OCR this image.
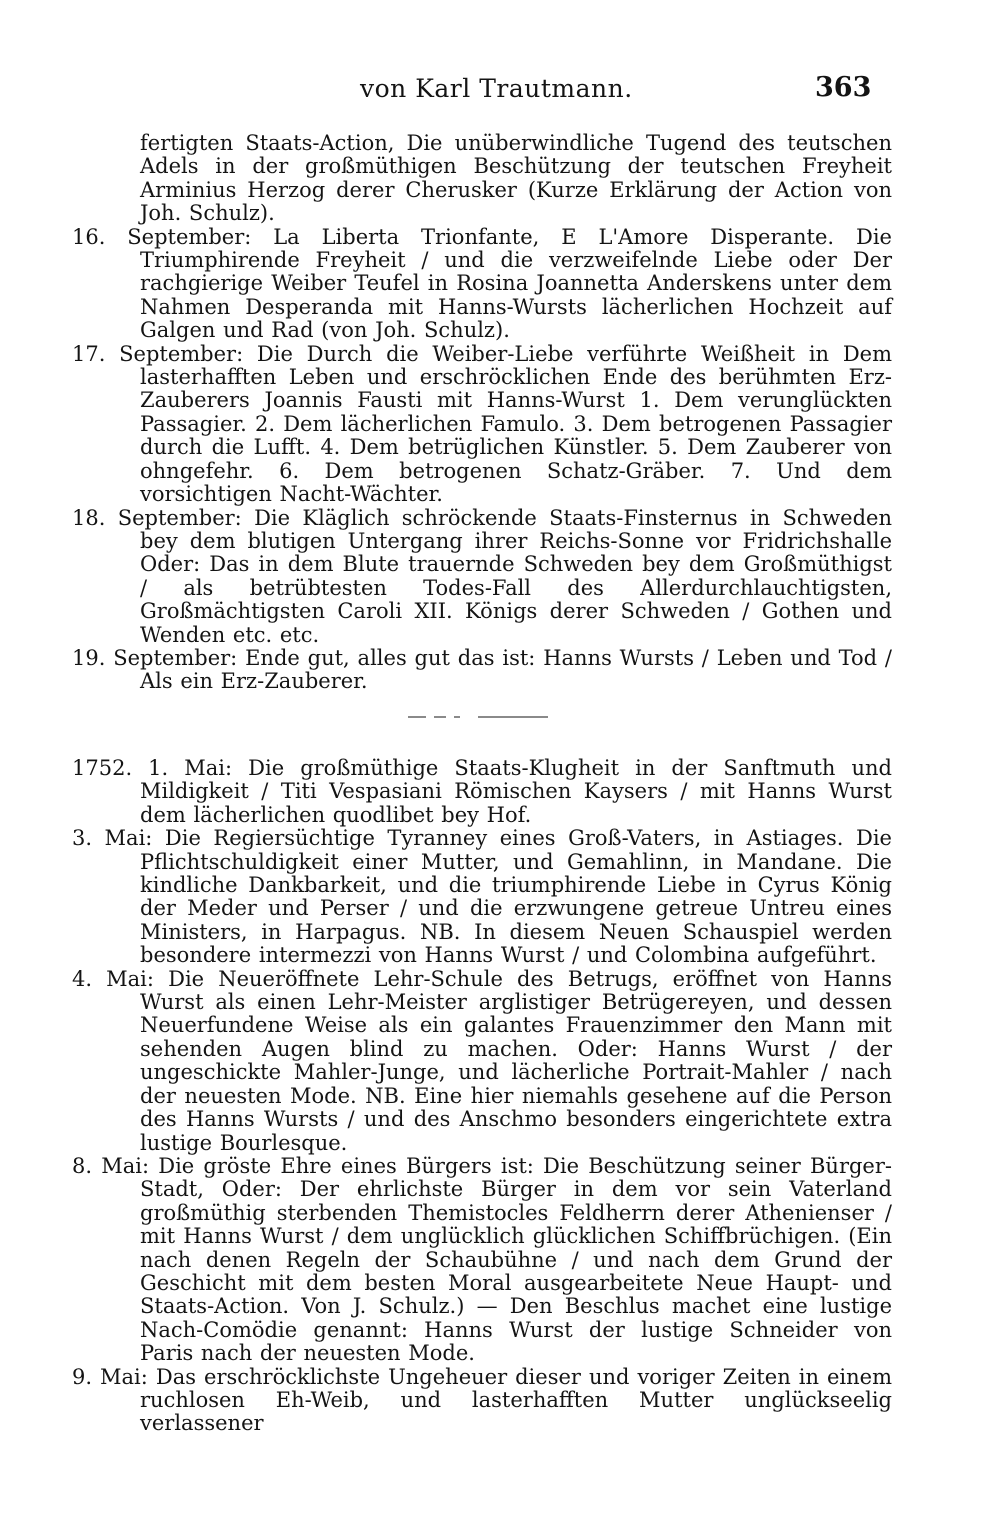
von Karl Trautmann.	363
fertigten Staats-Action, Die unüberwindliche Tugend des teutschen Adels in der großmüthigen Beschützung der teutschen Freyheit Arminius Herzog derer Cherusker (Kurze Erklärung der Action von Joh. Schulz).
16. September: La Liberta Trionfante, E L'Amore Disperante. Die Triumphirende Freyheit / und die verzweifelnde Liebe oder Der rachgierige Weiber Teufel in Rosina Joannetta Anderskens unter dem Nahmen Desperanda mit Hanns-Wursts lächerlichen Hochzeit auf Galgen und Rad (von Joh. Schulz).
17. September: Die Durch die Weiber-Liebe verführte Weißheit in Dem lasterhafften Leben und erschröcklichen Ende des berühmten Erz-Zauberers Joannis Fausti mit Hanns-Wurst 1. Dem verunglückten Passagier. 2. Dem lächerlichen Famulo. 3. Dem betrogenen Passagier durch die Lufft. 4. Dem betrüglichen Künstler. 5. Dem Zauberer von ohngefehr. 6. Dem betrogenen Schatz-Gräber. 7. Und dem vorsichtigen Nacht-Wächter.
18. September: Die Kläglich schröckende Staats-Finsternus in Schweden bey dem blutigen Untergang ihrer Reichs-Sonne vor Fridrichshalle Oder: Das in dem Blute trauernde Schweden bey dem Großmüthigst / als betrübtesten Todes-Fall des Allerdurchlauchtigsten, Großmächtigsten Caroli XII. Königs derer Schweden / Gothen und Wenden etc. etc.
19. September: Ende gut, alles gut das ist: Hanns Wursts / Leben und Tod / Als ein Erz-Zauberer.
1752. 1. Mai: Die großmüthige Staats-Klugheit in der Sanftmuth und Mildigkeit / Titi Vespasiani Römischen Kaysers / mit Hanns Wurst dem lächerlichen quodlibet bey Hof.
3. Mai: Die Regiersüchtige Tyranney eines Groß-Vaters, in Astiages. Die Pflichtschuldigkeit einer Mutter, und Gemahlinn, in Mandane. Die kindliche Dankbarkeit, und die triumphirende Liebe in Cyrus König der Meder und Perser / und die erzwungene getreue Untreu eines Ministers, in Harpagus. NB. In diesem Neuen Schauspiel werden besondere intermezzi von Hanns Wurst / und Colombina aufgeführt.
4. Mai: Die Neueröffnete Lehr-Schule des Betrugs, eröffnet von Hanns Wurst als einen Lehr-Meister arglistiger Betrügereyen, und dessen Neuerfundene Weise als ein galantes Frauenzimmer den Mann mit sehenden Augen blind zu machen. Oder: Hanns Wurst / der ungeschickte Mahler-Junge, und lächerliche Portrait-Mahler / nach der neuesten Mode. NB. Eine hier niemahls gesehene auf die Person des Hanns Wursts / und des Anschmo besonders eingerichtete extra lustige Bourlesque.
8. Mai: Die gröste Ehre eines Bürgers ist: Die Beschützung seiner Bürger-Stadt, Oder: Der ehrlichste Bürger in dem vor sein Vaterland großmüthig sterbenden Themistocles Feldherrn derer Athenienser / mit Hanns Wurst / dem unglücklich glücklichen Schiffbrüchigen. (Ein nach denen Regeln der Schaubühne / und nach dem Grund der Geschicht mit dem besten Moral ausgearbeitete Neue Haupt- und Staats-Action. Von J. Schulz.) — Den Beschlus machet eine lustige Nach-Comödie genannt: Hanns Wurst der lustige Schneider von Paris nach der neuesten Mode.
9. Mai: Das erschröcklichste Ungeheuer dieser und voriger Zeiten in einem ruchlosen Eh-Weib, und lasterhafften Mutter unglückseelig verlassener
